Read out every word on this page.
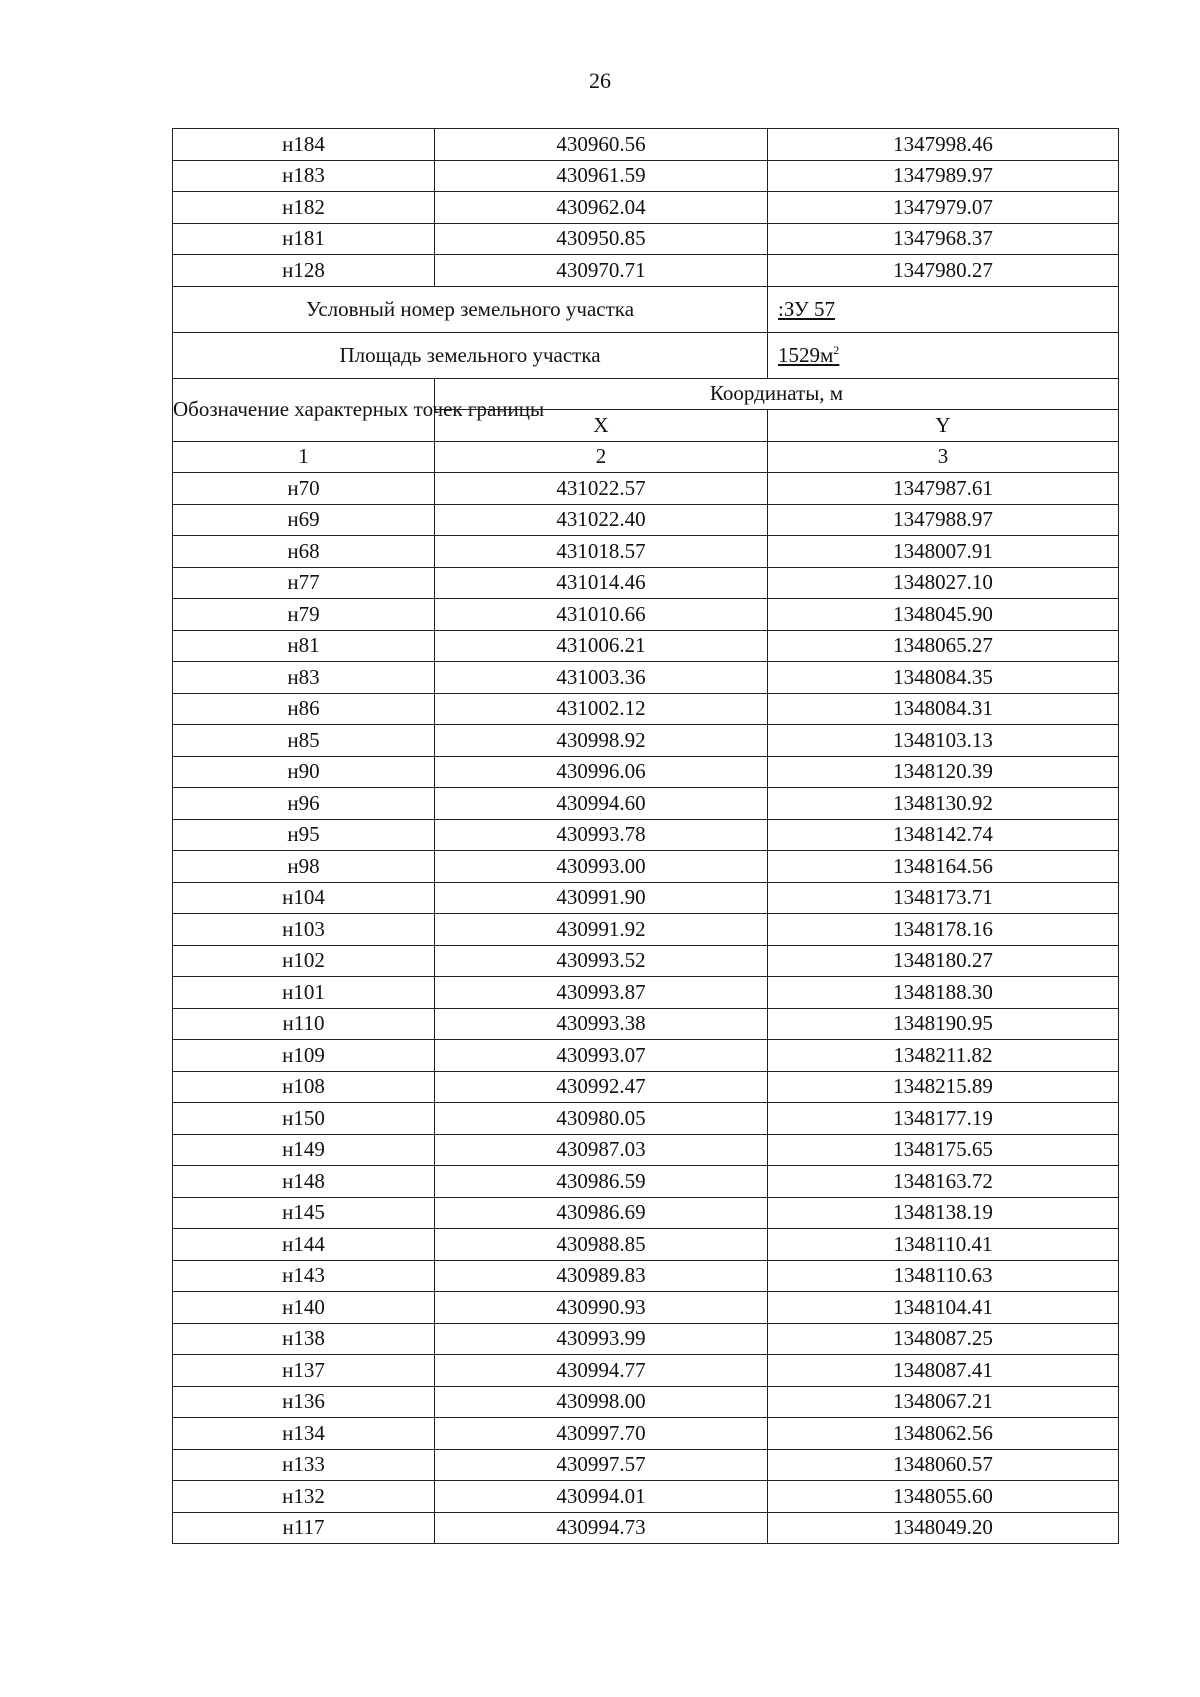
26
н184	430960.56	1347998.46
н183	430961.59	1347989.97
н182	430962.04	1347979.07
н181	430950.85	1347968.37
н128	430970.71	1347980.27
Условный номер земельного участка		:ЗУ 57
Площадь земельного участка		$1529м^2$
Обозначение характерных точек границы	Координаты, м	
	X	Y
1	2	3
н70	431022.57	1347987.61
н69	431022.40	1347988.97
н68	431018.57	1348007.91
н77	431014.46	1348027.10
н79	431010.66	1348045.90
н81	431006.21	1348065.27
н83	431003.36	1348084.35
н86	431002.12	1348084.31
н85	430998.92	1348103.13
н90	430996.06	1348120.39
н96	430994.60	1348130.92
н95	430993.78	1348142.74
н98	430993.00	1348164.56
н104	430991.90	1348173.71
н103	430991.92	1348178.16
н102	430993.52	1348180.27
н101	430993.87	1348188.30
н110	430993.38	1348190.95
н109	430993.07	1348211.82
н108	430992.47	1348215.89
н150	430980.05	1348177.19
н149	430987.03	1348175.65
н148	430986.59	1348163.72
н145	430986.69	1348138.19
н144	430988.85	1348110.41
н143	430989.83	1348110.63
н140	430990.93	1348104.41
н138	430993.99	1348087.25
н137	430994.77	1348087.41
н136	430998.00	1348067.21
н134	430997.70	1348062.56
н133	430997.57	1348060.57
н132	430994.01	1348055.60
н117	430994.73	1348049.20
